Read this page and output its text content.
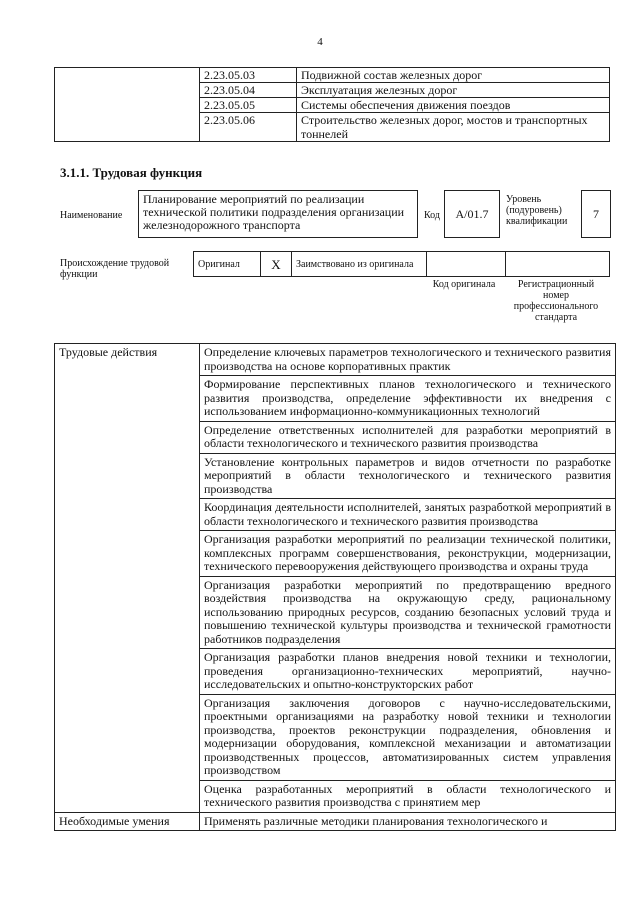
4
	2.23.05.03	Подвижной состав железных дорог
	2.23.05.04	Эксплуатация железных дорог
	2.23.05.05	Системы обеспечения движения поездов
	2.23.05.06	Строительство железных дорог, мостов и транспортных тоннелей
3.1.1. Трудовая функция
Наименование
Планирование мероприятий по реализации технической политики подразделения организации железнодорожного транспорта
Код	A/01.7
Уровень (подуровень) квалификации
7
Происхождение трудовой функции
Оригинал	X	Заимствовано из оригинала		
Код оригинала	Регистрационный номер профессионального стандарта
Трудовые действия	Определение ключевых параметров технологического и технического развития производства на основе корпоративных практик
	Формирование перспективных планов технологического и технического развития производства, определение эффективности их внедрения с использованием информационно-коммуникационных технологий
	Определение ответственных исполнителей для разработки мероприятий в области технологического и технического развития производства
	Установление контрольных параметров и видов отчетности по разработке мероприятий в области технологического и технического развития производства
	Координация деятельности исполнителей, занятых разработкой мероприятий в области технологического и технического развития производства
	Организация разработки мероприятий по реализации технической политики, комплексных программ совершенствования, реконструкции, модернизации, технического перевооружения действующего производства и охраны труда
	Организация разработки мероприятий по предотвращению вредного воздействия производства на окружающую среду, рациональному использованию природных ресурсов, созданию безопасных условий труда и повышению технической культуры производства и технической грамотности работников подразделения
	Организация разработки планов внедрения новой техники и технологии, проведения организационно-технических мероприятий, научно-исследовательских и опытно-конструкторских работ
	Организация заключения договоров с научно-исследовательскими, проектными организациями на разработку новой техники и технологии производства, проектов реконструкции подразделения, обновления и модернизации оборудования, комплексной механизации и автоматизации производственных процессов, автоматизированных систем управления производством
	Оценка разработанных мероприятий в области технологического и технического развития производства с принятием мер
Необходимые умения	Применять различные методики планирования технологического и
